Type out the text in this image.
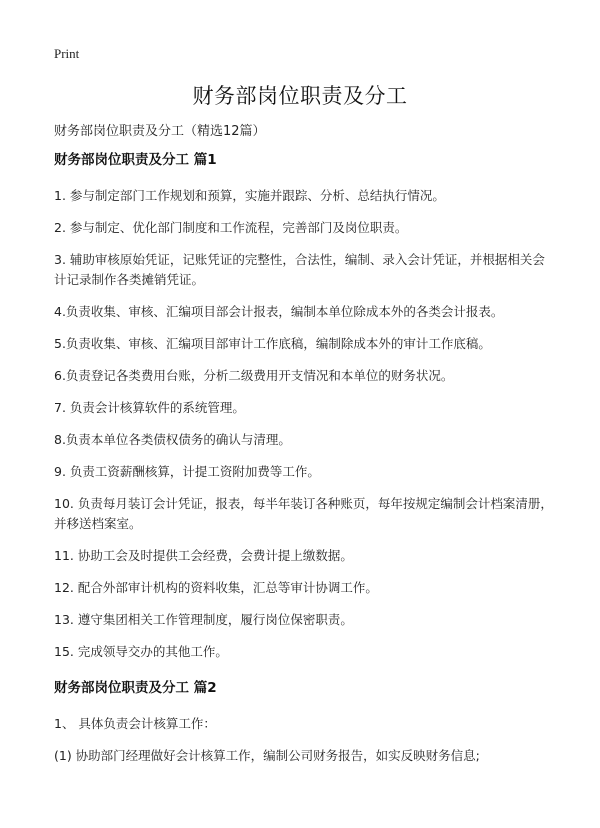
Print
财务部岗位职责及分工
财务部岗位职责及分工（精选12篇）
财务部岗位职责及分工 篇1

1. 参与制定部门工作规划和预算，实施并跟踪、分析、总结执行情况。

2. 参与制定、优化部门制度和工作流程，完善部门及岗位职责。

3. 辅助审核原始凭证，记账凭证的完整性，合法性，编制、录入会计凭证，并根据相关会计记录制作各类摊销凭证。

4.负责收集、审核、汇编项目部会计报表，编制本单位除成本外的各类会计报表。

5.负责收集、审核、汇编项目部审计工作底稿，编制除成本外的审计工作底稿。

6.负责登记各类费用台账，分析二级费用开支情况和本单位的财务状况。

7. 负责会计核算软件的系统管理。

8.负责本单位各类债权债务的确认与清理。

9. 负责工资薪酬核算，计提工资附加费等工作。

10. 负责每月装订会计凭证，报表，每半年装订各种账页，每年按规定编制会计档案清册，并移送档案室。

11. 协助工会及时提供工会经费，会费计提上缴数据。

12. 配合外部审计机构的资料收集，汇总等审计协调工作。

13. 遵守集团相关工作管理制度，履行岗位保密职责。

15. 完成领导交办的其他工作。

财务部岗位职责及分工 篇2

1、 具体负责会计核算工作：

(1) 协助部门经理做好会计核算工作，编制公司财务报告，如实反映财务信息;
